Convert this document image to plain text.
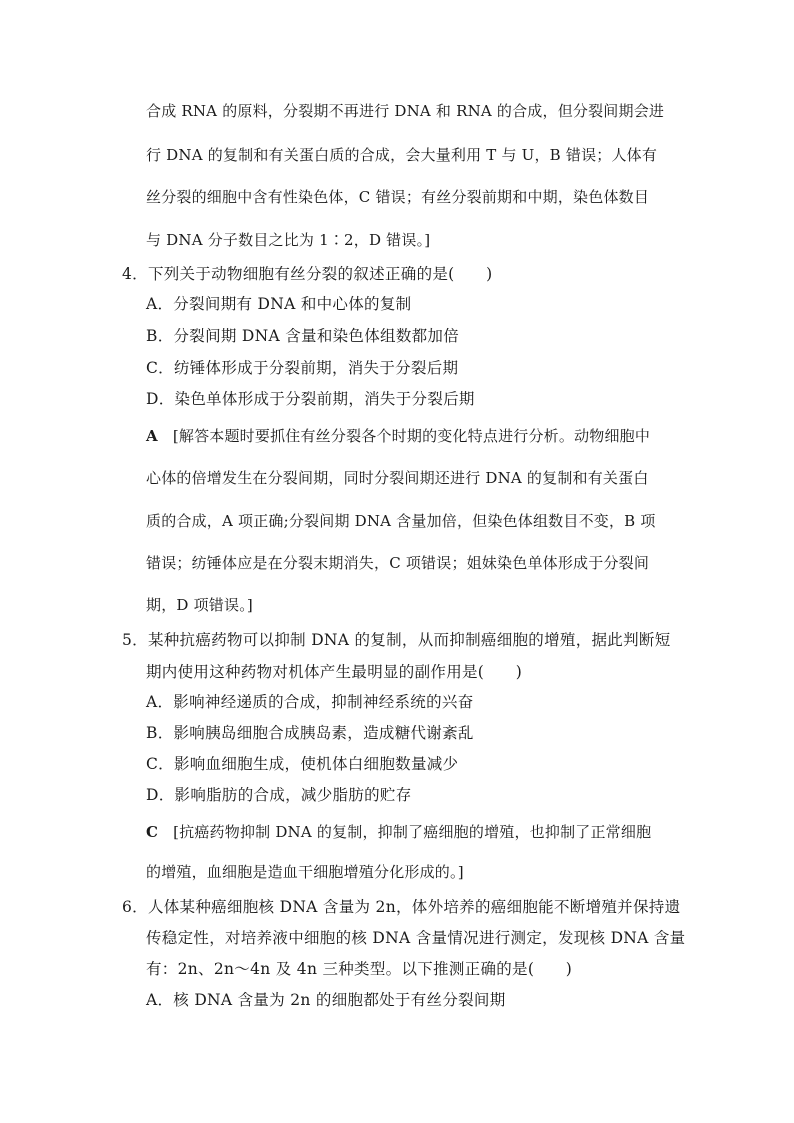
合成 RNA 的原料，分裂期不再进行 DNA 和 RNA 的合成，但分裂间期会进
行 DNA 的复制和有关蛋白质的合成，会大量利用 T 与 U，B 错误；人体有
丝分裂的细胞中含有性染色体，C 错误；有丝分裂前期和中期，染色体数目
与 DNA 分子数目之比为 1∶2，D 错误。]
4．下列关于动物细胞有丝分裂的叙述正确的是(　　)
A．分裂间期有 DNA 和中心体的复制
B．分裂间期 DNA 含量和染色体组数都加倍
C．纺锤体形成于分裂前期，消失于分裂后期
D．染色单体形成于分裂前期，消失于分裂后期
A [解答本题时要抓住有丝分裂各个时期的变化特点进行分析。动物细胞中
心体的倍增发生在分裂间期，同时分裂间期还进行 DNA 的复制和有关蛋白
质的合成，A 项正确;分裂间期 DNA 含量加倍，但染色体组数目不变，B 项
错误；纺锤体应是在分裂末期消失，C 项错误；姐妹染色单体形成于分裂间
期，D 项错误。]
5．某种抗癌药物可以抑制 DNA 的复制，从而抑制癌细胞的增殖，据此判断短
期内使用这种药物对机体产生最明显的副作用是(　　)
A．影响神经递质的合成，抑制神经系统的兴奋
B．影响胰岛细胞合成胰岛素，造成糖代谢紊乱
C．影响血细胞生成，使机体白细胞数量减少
D．影响脂肪的合成，减少脂肪的贮存
C [抗癌药物抑制 DNA 的复制，抑制了癌细胞的增殖，也抑制了正常细胞
的增殖，血细胞是造血干细胞增殖分化形成的。]
6．人体某种癌细胞核 DNA 含量为 2n，体外培养的癌细胞能不断增殖并保持遗
传稳定性，对培养液中细胞的核 DNA 含量情况进行测定，发现核 DNA 含量
有：2n、2n～4n 及 4n 三种类型。以下推测正确的是(　　)
A．核 DNA 含量为 2n 的细胞都处于有丝分裂间期
